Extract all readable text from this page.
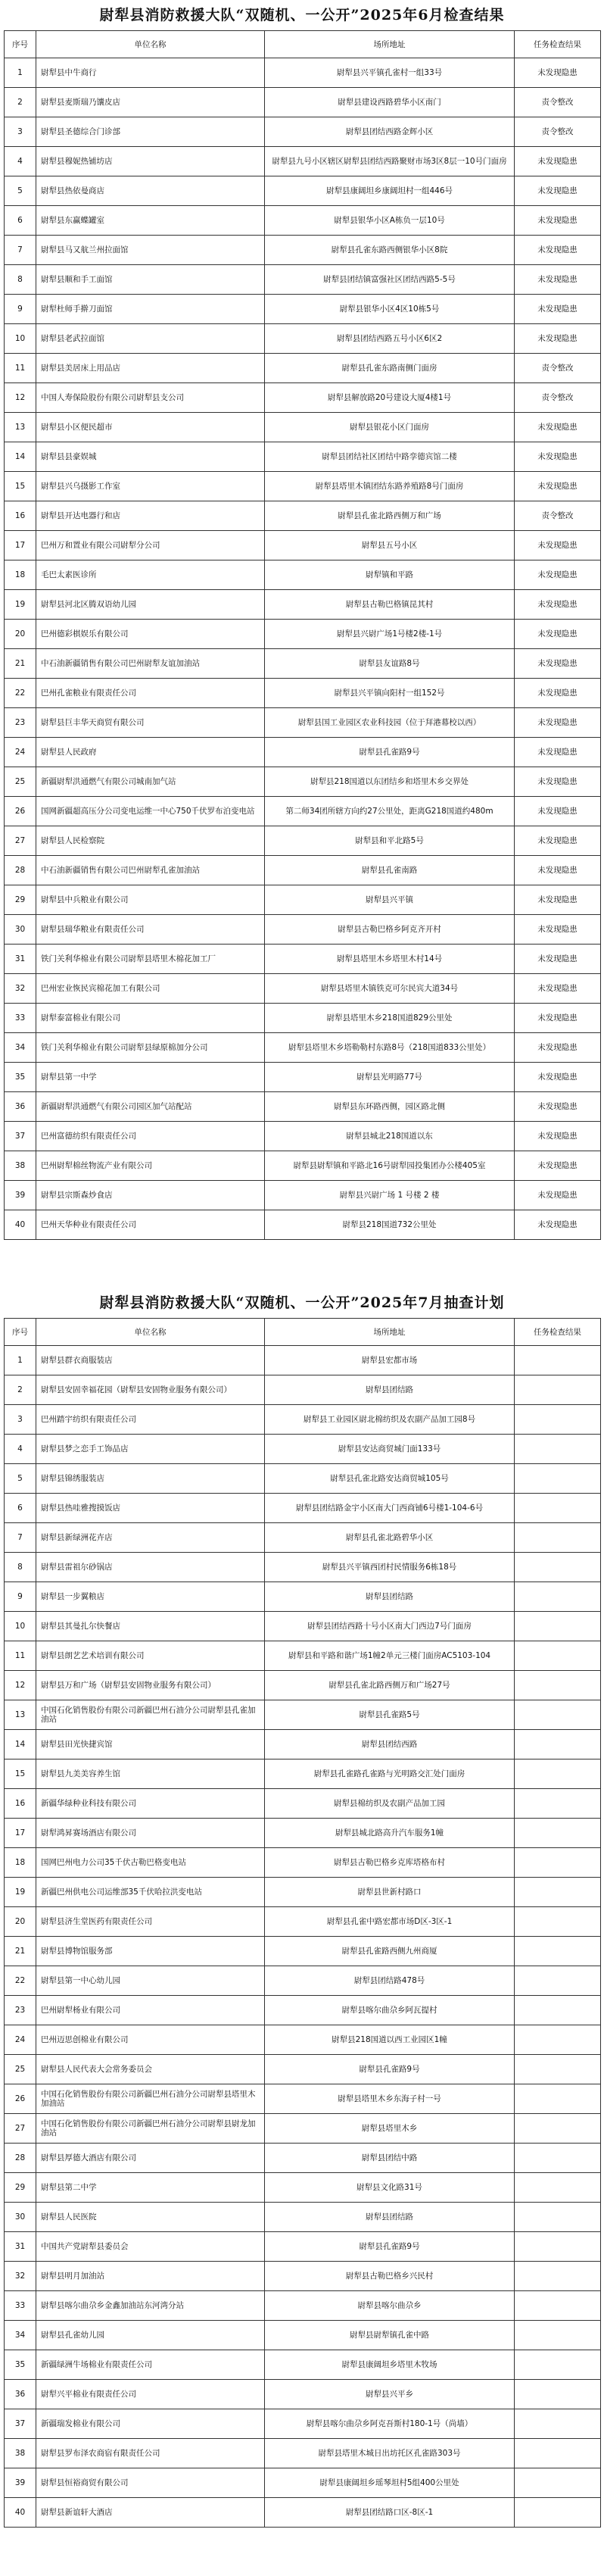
尉犁县消防救援大队“双随机、一公开”2025年6月检查结果
序号	单位名称	场所地址	任务检查结果
1	尉犁县中牛商行	尉犁县兴平镇孔雀村一组33号	未发现隐患
2	尉犁县麦斯瑞乃馕皮店	尉犁县建设西路碧华小区南门	责令整改
3	尉犁县圣德综合门诊部	尉犁县团结西路金辉小区	责令整改
4	尉犁县穆妮热铺坊店	尉犁县九号小区辖区尉犁县团结西路聚财市场3区8层一10号门面房	未发现隐患
5	尉犁县热依曼商店	尉犁县康阔坦乡康阔坦村一组446号	未发现隐患
6	尉犁县东赢蝶罐室	尉犁县银华小区A栋负一层10号	未发现隐患
7	尉犁县马又航兰州拉面馆	尉犁县孔雀东路西侧银华小区8院	未发现隐患
8	尉犁县顺和手工面馆	尉犁县团结镇富强社区团结西路5-5号	未发现隐患
9	尉犁杜师手擀刀面馆	尉犁县银华小区4区10栋5号	未发现隐患
10	尉犁县老武拉面馆	尉犁县团结西路五号小区6区2	未发现隐患
11	尉犁县美居床上用品店	尉犁县孔雀东路南侧门面房	责令整改
12	中国人寿保险股份有限公司尉犁县支公司	尉犁县解放路20号建设大厦4楼1号	责令整改
13	尉犁县小区便民超市	尉犁县银花小区门面房	未发现隐患
14	尉犁县县豪娱城	尉犁县团结社区团结中路孪德宾馆二楼	未发现隐患
15	尉犁县兴乌摄影工作室	尉犁县塔里木镇团结东路养殖路8号门面房	未发现隐患
16	尉犁县开达电器行和店	尉犁县孔雀北路西侧万和广场	责令整改
17	巴州万和置业有限公司尉犁分公司	尉犁县五号小区	未发现隐患
18	毛巴太素医诊所	尉犁镇和平路	未发现隐患
19	尉犁县河北区腾双语幼儿园	尉犁县古勒巴格镇昆其村	未发现隐患
20	巴州德彩棋娱乐有限公司	尉犁县兴尉广场1号楼2楼-1号	未发现隐患
21	中石油新疆销售有限公司巴州尉犁友谊加油站	尉犁县友谊路8号	未发现隐患
22	巴州孔雀粮业有限责任公司	尉犁县兴平镇向阳村一组152号	未发现隐患
23	尉犁县巨丰华天商贸有限公司	尉犁县国工业园区农业科技园（位于拜港幕校以西）	未发现隐患
24	尉犁县人民政府	尉犁县孔雀路9号	未发现隐患
25	新疆尉犁洪通燃气有限公司城南加气站	尉犁县218国道以东团结乡和塔里木乡交界处	未发现隐患
26	国网新疆超高压分公司变电运维一中心750千伏罗布泊变电站	第二师34团所辖方向约27公里处，距离G218国道约480m	未发现隐患
27	尉犁县人民检察院	尉犁县和平北路5号	未发现隐患
28	中石油新疆销售有限公司巴州尉犁孔雀加油站	尉犁县孔雀南路	未发现隐患
29	尉犁县中兵粮业有限公司	尉犁县兴平镇	未发现隐患
30	尉犁县瑞华粮业有限责任公司	尉犁县古勒巴格乡阿克齐开村	未发现隐患
31	铁门关利华棉业有限公司尉犁县塔里木棉花加工厂	尉犁县塔里木乡塔里木村14号	未发现隐患
32	巴州宏业恢民宾棉花加工有限公司	尉犁县塔里木镇铁克可尔民宾大道34号	未发现隐患
33	尉犁泰富棉业有限公司	尉犁县塔里木乡218国道829公里处	未发现隐患
34	铁门关利华棉业有限公司尉犁县绿原棉加分公司	尉犁县塔里木乡塔勒勒村东路8号（218国道833公里处）	未发现隐患
35	尉犁县第一中学	尉犁县光明路77号	未发现隐患
36	新疆尉犁洪通燃气有限公司园区加气站配站	尉犁县东环路西侧，园区路北侧	未发现隐患
37	巴州富德纺织有限责任公司	尉犁县城北218国道以东	未发现隐患
38	巴州尉犁棉丝物流产业有限公司	尉犁县尉犁镇和平路北16号尉犁园投集团办公楼405室	未发现隐患
39	尉犁县宗斯森炒食店	尉犁县兴尉广场 1 号楼 2 楼	未发现隐患
40	巴州天华种业有限责任公司	尉犁县218国道732公里处	未发现隐患
尉犁县消防救援大队“双随机、一公开”2025年7月抽查计划
序号	单位名称	场所地址	任务检查结果
1	尉犁县群衣商服装店	尉犁县宏都市场	
2	尉犁县安固幸福花园（尉犁县安固物业服务有限公司）	尉犁县团结路	
3	巴州踏宇纺织有限责任公司	尉犁县工业园区尉北棉纺织及农副产品加工园8号	
4	尉犁县梦之恋手工饰品店	尉犁县安达商贸城门面133号	
5	尉犁县锦绣服装店	尉犁县孔雀北路安达商贸城105号	
6	尉犁县热哇雅搜摸饭店	尉犁县团结路金宇小区南大门西商铺6号楼1-104-6号	
7	尉犁县新绿洲花卉店	尉犁县孔雀北路碧华小区	
8	尉犁县雷祖尔砂锅店	尉犁县兴平镇西团村民情服务6栋18号	
9	尉犁县一步翼粮店	尉犁县团结路	
10	尉犁县其曼扎尔快餐店	尉犁县团结西路十号小区南大门西边7号门面房	
11	尉犁县朗艺艺术培训有限公司	尉犁县和平路和谐广场1幢2单元三楼门面房AC5103-104	
12	尉犁县万和广场（尉犁县安固物业服务有限公司）	尉犁县孔雀北路西侧万和广场27号	
13	中国石化销售股份有限公司新疆巴州石油分公司尉犁县孔雀加油站	尉犁县孔雀路5号	
14	尉犁县田光快捷宾馆	尉犁县团结西路	
15	尉犁县九美美容养生馆	尉犁县孔雀路孔雀路与光明路交汇处门面房	
16	新疆华绿种业科技有限公司	尉犁县棉纺织及农副产品加工园	
17	尉犁鸿昇赛场酒店有限公司	尉犁县城北路高升汽车服务1幢	
18	国网巴州电力公司35千伏古勒巴格变电站	尉犁县古勒巴格乡克库塔格布村	
19	新疆巴州供电公司运维部35千伏哈拉洪变电站	尉犁县世新村路口	
20	尉犁县济生堂医药有限责任公司	尉犁县孔雀中路宏都市场D区-3区-1	
21	尉犁县博物馆服务部	尉犁县孔雀路西侧九州商厦	
22	尉犁县第一中心幼儿园	尉犁县团结路478号	
23	巴州尉犁杨业有限公司	尉犁县喀尔曲尕乡阿瓦提村	
24	巴州迈思创棉业有限公司	尉犁县218国道以西工业园区1幢	
25	尉犁县人民代表大会常务委员会	尉犁县孔雀路9号	
26	中国石化销售股份有限公司新疆巴州石油分公司尉犁县塔里木加油站	尉犁县塔里木乡东海子村一号	
27	中国石化销售股份有限公司新疆巴州石油分公司尉犁县尉龙加油站	尉犁县塔里木乡	
28	尉犁县厚德大酒店有限公司	尉犁县团结中路	
29	尉犁县第二中学	尉犁县文化路31号	
30	尉犁县人民医院	尉犁县团结路	
31	中国共产党尉犁县委员会	尉犁县孔雀路9号	
32	尉犁县明月加油站	尉犁县古勒巴格乡兴民村	
33	尉犁县喀尔曲尕乡金鑫加油站东河湾分站	尉犁县喀尔曲尕乡	
34	尉犁县孔雀幼儿园	尉犁县尉犁镇孔雀中路	
35	新疆绿洲牛场棉业有限责任公司	尉犁县康阔坦乡塔里木牧场	
36	尉犁兴平棉业有限责任公司	尉犁县兴平乡	
37	新疆瑞发棉业有限公司	尉犁县喀尔曲尕乡阿克吾斯村180-1号（尚墙）	
38	尉犁县罗布泽农商宿有限责任公司	尉犁县塔里木城日出坊托区孔雀路303号	
39	尉犁县恒裕商贸有限公司	尉犁县康阔坦乡瑶琴坦村5组400公里处	
40	尉犁县新谊轩大酒店	尉犁县团结路口区-8区-1	
